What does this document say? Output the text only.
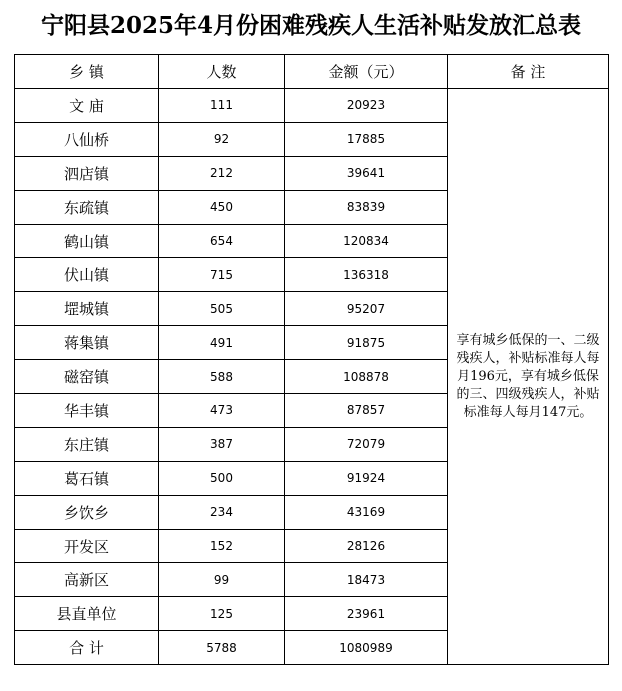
宁阳县2025年4月份困难残疾人生活补贴发放汇总表
乡 镇	人数	金额（元）	备 注
文 庙	111	20923	享有城乡低保的一、二级残疾人，补贴标准每人每月196元，享有城乡低保的三、四级残疾人，补贴标准每人每月147元。

八仙桥	92	17885	
泗店镇	212	39641	
东疏镇	450	83839	
鹤山镇	654	120834	
伏山镇	715	136318	
堽城镇	505	95207	
蒋集镇	491	91875	
磁窑镇	588	108878	
华丰镇	473	87857	
东庄镇	387	72079	
葛石镇	500	91924	
乡饮乡	234	43169	
开发区	152	28126	
高新区	99	18473	
县直单位	125	23961	
合 计	5788	1080989	
